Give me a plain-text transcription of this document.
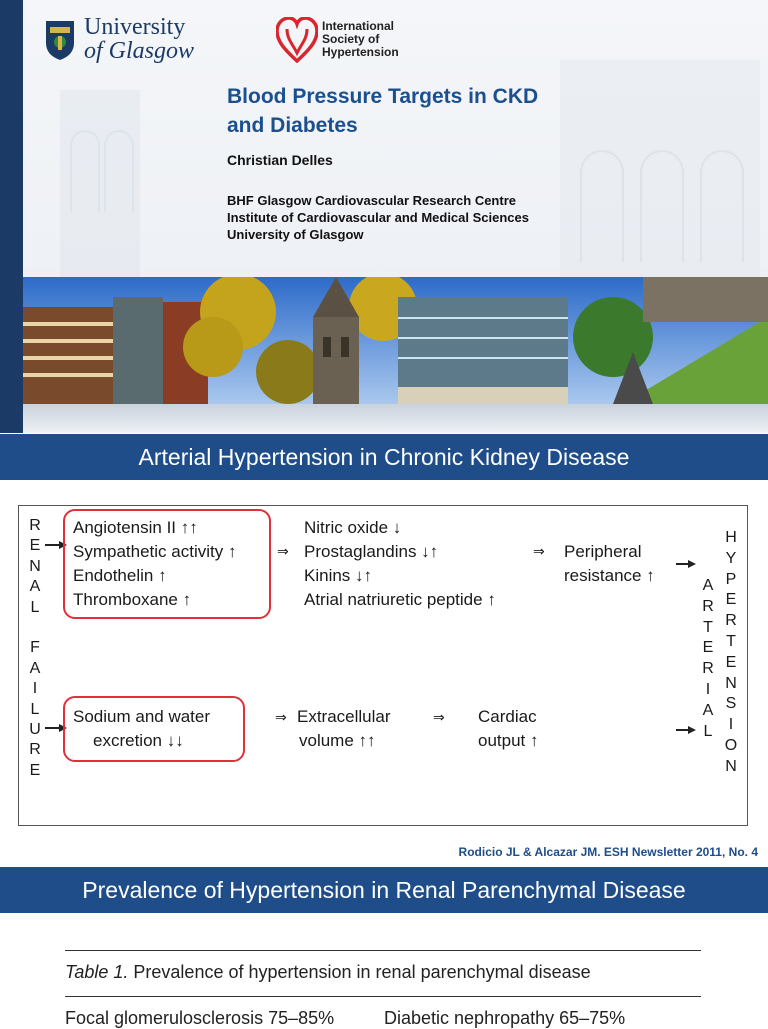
University
of Glasgow
International
Society of
Hypertension
Blood Pressure Targets in CKD
and Diabetes
Christian Delles
BHF Glasgow Cardiovascular Research Centre
Institute of Cardiovascular and Medical Sciences
University of Glasgow
Arterial Hypertension in Chronic Kidney Disease
R
E
N
A
L

F
A
I
L
U
R
E
Angiotensin II ↑↑
Sympathetic activity ↑
Endothelin ↑
Thromboxane ↑
⇒
Nitric oxide ↓
Prostaglandins ↓↑
Kinins ↓↑
Atrial natriuretic peptide ↑
⇒ Peripheral
resistance ↑
Sodium and water
excretion ↓↓
⇒ Extracellular
volume ↑↑
⇒ Cardiac
output ↑
A
R
T
E
R
I
A
L
H
Y
P
E
R
T
E
N
S
I
O
N
Rodicio JL & Alcazar JM. ESH Newsletter 2011, No. 4
Prevalence of Hypertension in Renal Parenchymal Disease
Table 1. Prevalence of hypertension in renal parenchymal disease
Focal glomerulosclerosis 75–85%	Diabetic nephropathy 65–75%
